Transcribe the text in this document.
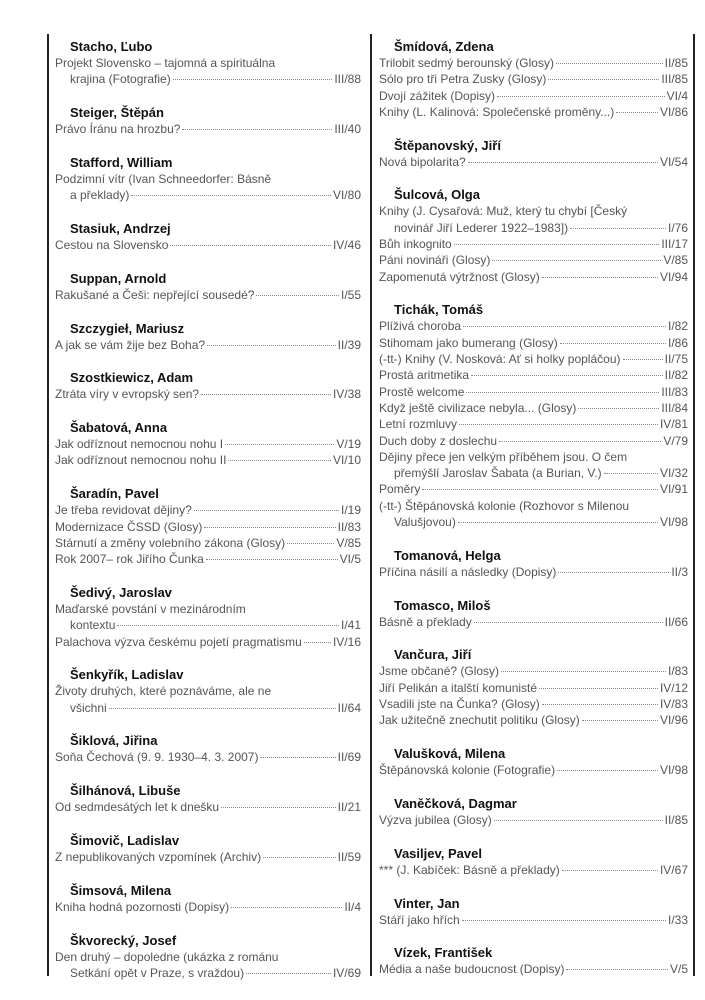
Stacho, Ľubo
Projekt Slovensko – tajomná a spirituálna
krajina (Fotografie)	III/88
Steiger, Štěpán
Právo Íránu na hrozbu?	III/40
Stafford, William
Podzimní vítr (Ivan Schneedorfer: Básně
a překlady)	VI/80
Stasiuk, Andrzej
Cestou na Slovensko	IV/46
Suppan, Arnold
Rakušané a Češi: nepřející sousedé?	I/55
Szczygieł, Mariusz
A jak se vám žije bez Boha?	II/39
Szostkiewicz, Adam
Ztráta víry v evropský sen?	IV/38
Šabatová, Anna
Jak odříznout nemocnou nohu I	V/19
Jak odříznout nemocnou nohu II	VI/10
Šaradín, Pavel
Je třeba revidovat dějiny?	I/19
Modernizace ČSSD (Glosy)	II/83
Stárnutí a změny volebního zákona (Glosy)	V/85
Rok 2007– rok Jiřího Čunka	VI/5
Šedivý, Jaroslav
Maďarské povstání v mezinárodním
kontextu	I/41
Palachova výzva českému pojetí pragmatismu	IV/16
Šenkyřík, Ladislav
Životy druhých, které poznáváme, ale ne
všichni	II/64
Šiklová, Jiřina
Soňa Čechová (9. 9. 1930–4. 3. 2007)	II/69
Šilhánová, Libuše
Od sedmdesátých let k dnešku	II/21
Šimovič, Ladislav
Z nepublikovaných vzpomínek (Archiv)	II/59
Šimsová, Milena
Kniha hodná pozornosti (Dopisy)	II/4
Škvorecký, Josef
Den druhý – dopoledne (ukázka z románu
Setkání opět v Praze, s vraždou)	IV/69
Šmídová, Zdena
Trilobit sedmý berounský (Glosy)	II/85
Sólo pro tři Petra Zusky (Glosy)	III/85
Dvojí zážitek (Dopisy)	VI/4
Knihy (L. Kalinová: Společenské proměny...)	VI/86
Štěpanovský, Jiří
Nová bipolarita?	VI/54
Šulcová, Olga
Knihy (J. Cysařová: Muž, který tu chybí [Český
novinář Jiří Lederer 1922–1983])	I/76
Bůh inkognito	III/17
Páni novináři (Glosy)	V/85
Zapomenutá výtržnost (Glosy)	VI/94
Tichák, Tomáš
Plíživá choroba	I/82
Stihomam jako bumerang (Glosy)	I/86
(-tt-) Knihy (V. Nosková: Ať si holky popláčou)	II/75
Prostá aritmetika	II/82
Prostě welcome	III/83
Když ještě civilizace nebyla... (Glosy)	III/84
Letní rozmluvy	IV/81
Duch doby z doslechu	V/79
Dějiny přece jen velkým příběhem jsou. O čem
přemýšlí Jaroslav Šabata (a Burian, V.)	VI/32
Poměry	VI/91
(-tt-) Štěpánovská kolonie (Rozhovor s Milenou
Valušjovou)	VI/98
Tomanová, Helga
Příčina násilí a následky (Dopisy)	II/3
Tomasco, Miloš
Básně a překlady	II/66
Vančura, Jiří
Jsme občané? (Glosy)	I/83
Jiří Pelikán a italští komunisté	IV/12
Vsadili jste na Čunka? (Glosy)	IV/83
Jak užitečně znechutit politiku (Glosy)	VI/96
Valušková, Milena
Štěpánovská kolonie (Fotografie)	VI/98
Vaněčková, Dagmar
Výzva jubilea (Glosy)	II/85
Vasiljev, Pavel
*** (J. Kabíček: Básně a překlady)	IV/67
Vinter, Jan
Stáří jako hřích	I/33
Vízek, František
Média a naše budoucnost (Dopisy)	V/5
